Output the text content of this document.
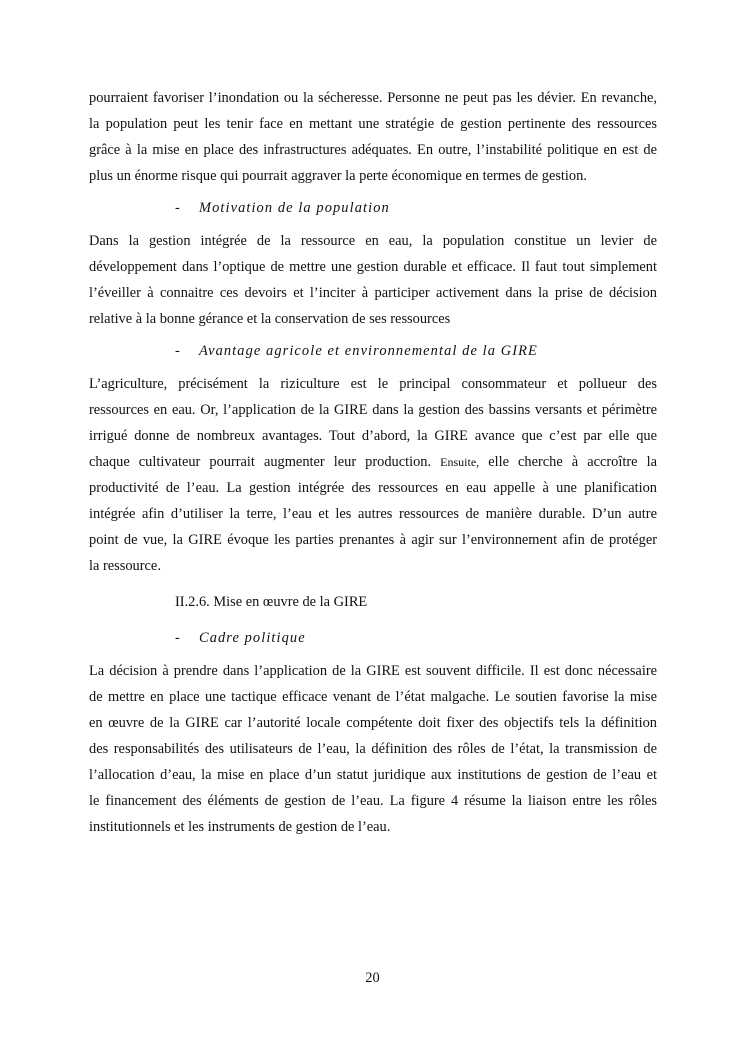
pourraient favoriser l’inondation ou la sécheresse. Personne ne peut pas les dévier. En revanche,
la population peut les tenir face en mettant une stratégie de gestion pertinente des ressources
grâce à la mise en place des infrastructures adéquates. En outre, l’instabilité politique en est de
plus un énorme risque qui pourrait aggraver la perte économique en termes de gestion.

- Motivation de la population

Dans la gestion intégrée de la ressource en eau, la population constitue un levier de
développement dans l’optique de mettre une gestion durable et efficace. Il faut tout simplement
l’éveiller à connaitre ces devoirs et l’inciter à participer activement dans la prise de décision
relative à la bonne gérance et la conservation de ses ressources

- Avantage agricole et environnemental de la GIRE

L’agriculture, précisément la riziculture est le principal consommateur et pollueur des
ressources en eau. Or, l’application de la GIRE dans la gestion des bassins versants et périmètre
irrigué donne de nombreux avantages. Tout d’abord, la GIRE avance que c’est par elle que
chaque cultivateur pourrait augmenter leur production. Ensuite, elle cherche à accroître la
productivité de l’eau. La gestion intégrée des ressources en eau appelle à une planification
intégrée afin d’utiliser la terre, l’eau et les autres ressources de manière durable. D’un autre
point de vue, la GIRE évoque les parties prenantes à agir sur l’environnement afin de protéger
la ressource.

II.2.6. Mise en œuvre de la GIRE
- Cadre politique

La décision à prendre dans l’application de la GIRE est souvent difficile. Il est donc nécessaire
de mettre en place une tactique efficace venant de l’état malgache. Le soutien favorise la mise
en œuvre de la GIRE car l’autorité locale compétente doit fixer des objectifs tels la définition
des responsabilités des utilisateurs de l’eau, la définition des rôles de l’état, la transmission de
l’allocation d’eau, la mise en place d’un statut juridique aux institutions de gestion de l’eau et
le financement des éléments de gestion de l’eau. La figure 4 résume la liaison entre les rôles
institutionnels et les instruments de gestion de l’eau.

20
